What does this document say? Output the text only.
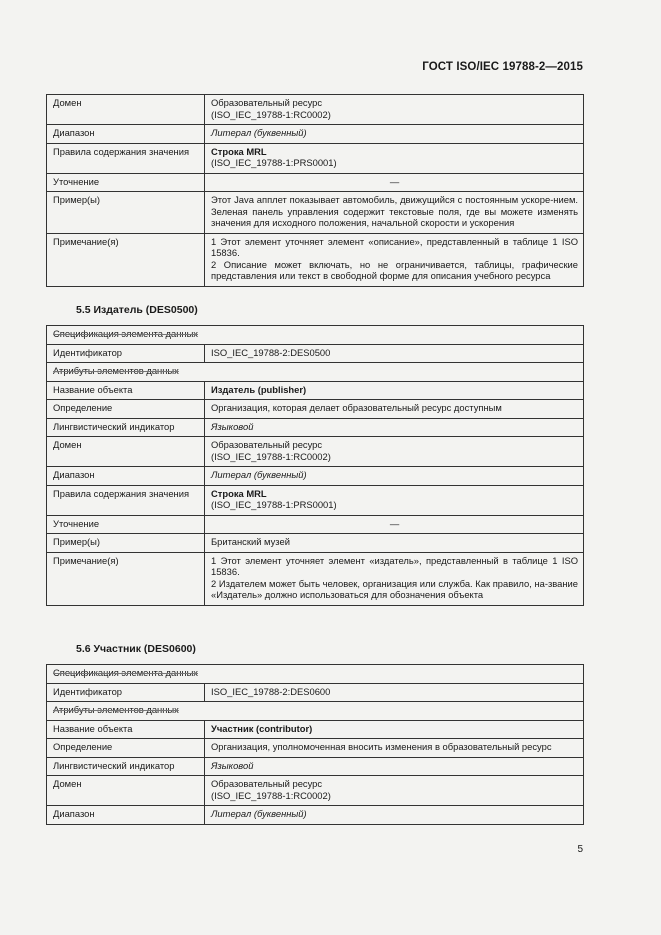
ГОСТ ISO/IEC 19788-2—2015
Домен	Образовательный ресурс
(ISO_IEC_19788-1:RC0002)

Диапазон	Литерал (буквенный)
Правила содержания значения	Строка MRL
(ISO_IEC_19788-1:PRS0001)

Уточнение	—
Пример(ы)	Этот Java апплет показывает автомобиль, движущийся с постоянным ускоре-нием. Зеленая панель управления содержит текстовые поля, где вы можете изменять значения для исходного положения, начальной скорости и ускорения
Примечание(я)	1 Этот элемент уточняет элемент «описание», представленный в таблице 1 ISO 15836.
2 Описание может включать, но не ограничивается, таблицы, графические представления или текст в свободной форме для описания учебного ресурса
5.5 Издатель (DES0500)
Спецификация элемента данных	
Идентификатор	ISO_IEC_19788-2:DES0500
Атрибуты элементов данных	
Название объекта	Издатель (publisher)
Определение	Организация, которая делает образовательный ресурс доступным
Лингвистический индикатор	Языковой
Домен	Образовательный ресурс
(ISO_IEC_19788-1:RC0002)

Диапазон	Литерал (буквенный)
Правила содержания значения	Строка MRL
(ISO_IEC_19788-1:PRS0001)

Уточнение	—
Пример(ы)	Британский музей
Примечание(я)	1 Этот элемент уточняет элемент «издатель», представленный в таблице 1 ISO 15836.
2 Издателем может быть человек, организация или служба. Как правило, на-звание «Издатель» должно использоваться для обозначения объекта
5.6 Участник (DES0600)
Спецификация элемента данных	
Идентификатор	ISO_IEC_19788-2:DES0600
Атрибуты элементов данных	
Название объекта	Участник (contributor)
Определение	Организация, уполномоченная вносить изменения в образовательный ресурс
Лингвистический индикатор	Языковой
Домен	Образовательный ресурс
(ISO_IEC_19788-1:RC0002)

Диапазон	Литерал (буквенный)
5
